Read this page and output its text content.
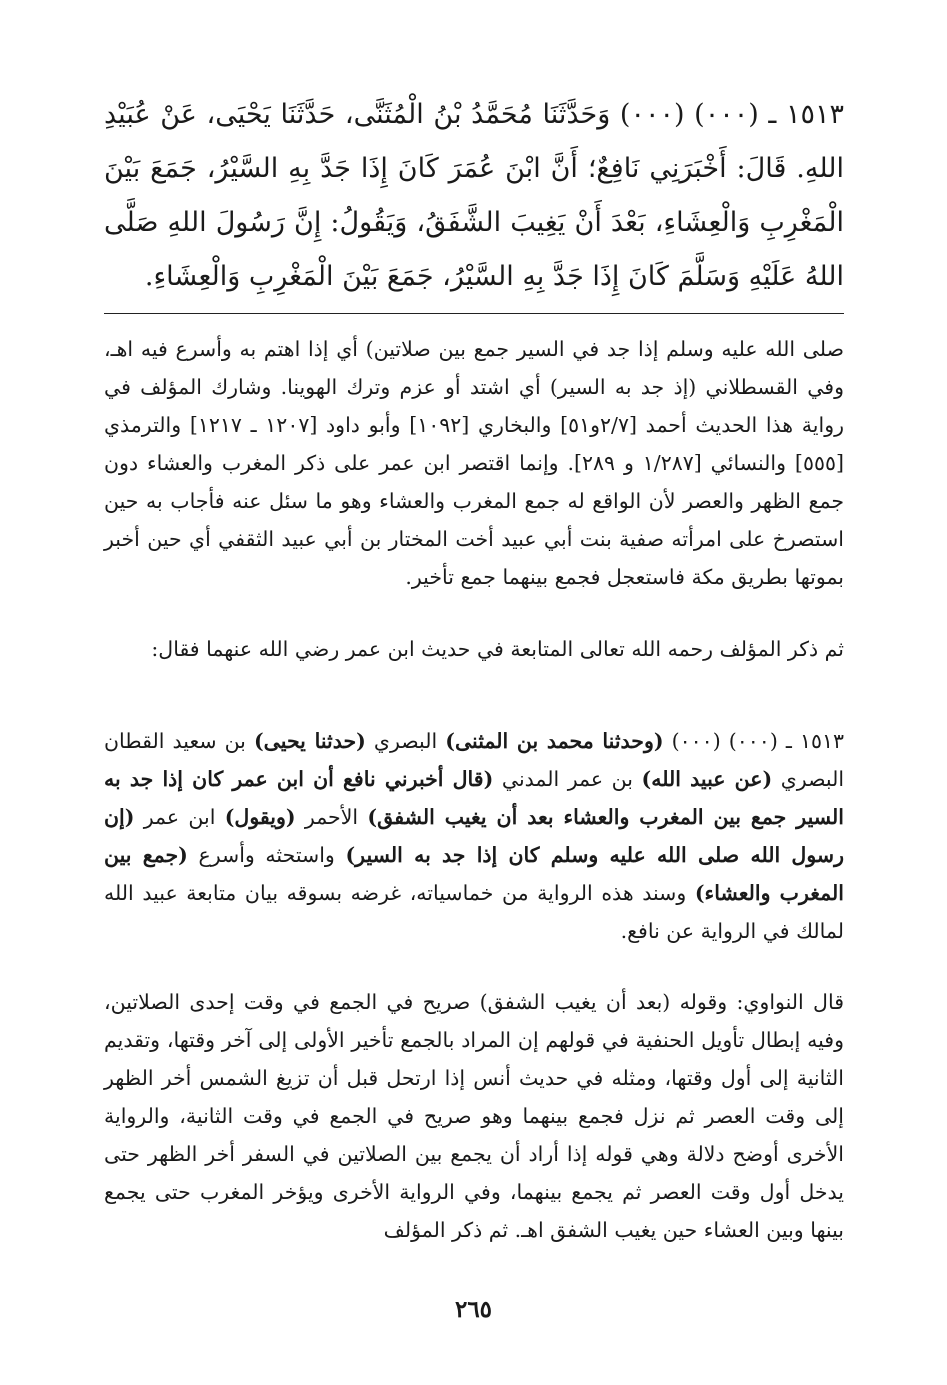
١٥١٣ ـ (٠٠٠) (٠٠٠) وَحَدَّثَنَا مُحَمَّدُ بْنُ الْمُثَنَّى، حَدَّثَنَا يَحْيَى، عَنْ عُبَيْدِ اللهِ. قَالَ: أَخْبَرَنِي نَافِعٌ؛ أَنَّ ابْنَ عُمَرَ كَانَ إِذَا جَدَّ بِهِ السَّيْرُ، جَمَعَ بَيْنَ الْمَغْرِبِ وَالْعِشَاءِ، بَعْدَ أَنْ يَغِيبَ الشَّفَقُ، وَيَقُولُ: إِنَّ رَسُولَ اللهِ صَلَّى اللهُ عَلَيْهِ وَسَلَّمَ كَانَ إِذَا جَدَّ بِهِ السَّيْرُ، جَمَعَ بَيْنَ الْمَغْرِبِ وَالْعِشَاءِ.

صلى الله عليه وسلم إذا جد في السير جمع بين صلاتين) أي إذا اهتم به وأسرع فيه اهـ، وفي القسطلاني (إذ جد به السير) أي اشتد أو عزم وترك الهوينا. وشارك المؤلف في رواية هذا الحديث أحمد [٢/٧و٥١] والبخاري [١٠٩٢] وأبو داود [١٢٠٧ ـ ١٢١٧] والترمذي [٥٥٥] والنسائي [١/٢٨٧ و ٢٨٩]. وإنما اقتصر ابن عمر على ذكر المغرب والعشاء دون جمع الظهر والعصر لأن الواقع له جمع المغرب والعشاء وهو ما سئل عنه فأجاب به حين استصرخ على امرأته صفية بنت أبي عبيد أخت المختار بن أبي عبيد الثقفي أي حين أخبر بموتها بطريق مكة فاستعجل فجمع بينهما جمع تأخير.

ثم ذكر المؤلف رحمه الله تعالى المتابعة في حديث ابن عمر رضي الله عنهما فقال:

١٥١٣ ـ (٠٠٠) (٠٠٠) (وحدثنا محمد بن المثنى) البصري (حدثنا يحيى) بن سعيد القطان البصري (عن عبيد الله) بن عمر المدني (قال أخبرني نافع أن ابن عمر كان إذا جد به السير جمع بين المغرب والعشاء بعد أن يغيب الشفق) الأحمر (ويقول) ابن عمر (إن رسول الله صلى الله عليه وسلم كان إذا جد به السير) واستحثه وأسرع (جمع بين المغرب والعشاء) وسند هذه الرواية من خماسياته، غرضه بسوقه بيان متابعة عبيد الله لمالك في الرواية عن نافع.

قال النواوي: وقوله (بعد أن يغيب الشفق) صريح في الجمع في وقت إحدى الصلاتين، وفيه إبطال تأويل الحنفية في قولهم إن المراد بالجمع تأخير الأولى إلى آخر وقتها، وتقديم الثانية إلى أول وقتها، ومثله في حديث أنس إذا ارتحل قبل أن تزيغ الشمس أخر الظهر إلى وقت العصر ثم نزل فجمع بينهما وهو صريح في الجمع في وقت الثانية، والرواية الأخرى أوضح دلالة وهي قوله إذا أراد أن يجمع بين الصلاتين في السفر أخر الظهر حتى يدخل أول وقت العصر ثم يجمع بينهما، وفي الرواية الأخرى ويؤخر المغرب حتى يجمع بينها وبين العشاء حين يغيب الشفق اهـ. ثم ذكر المؤلف

٢٦٥
